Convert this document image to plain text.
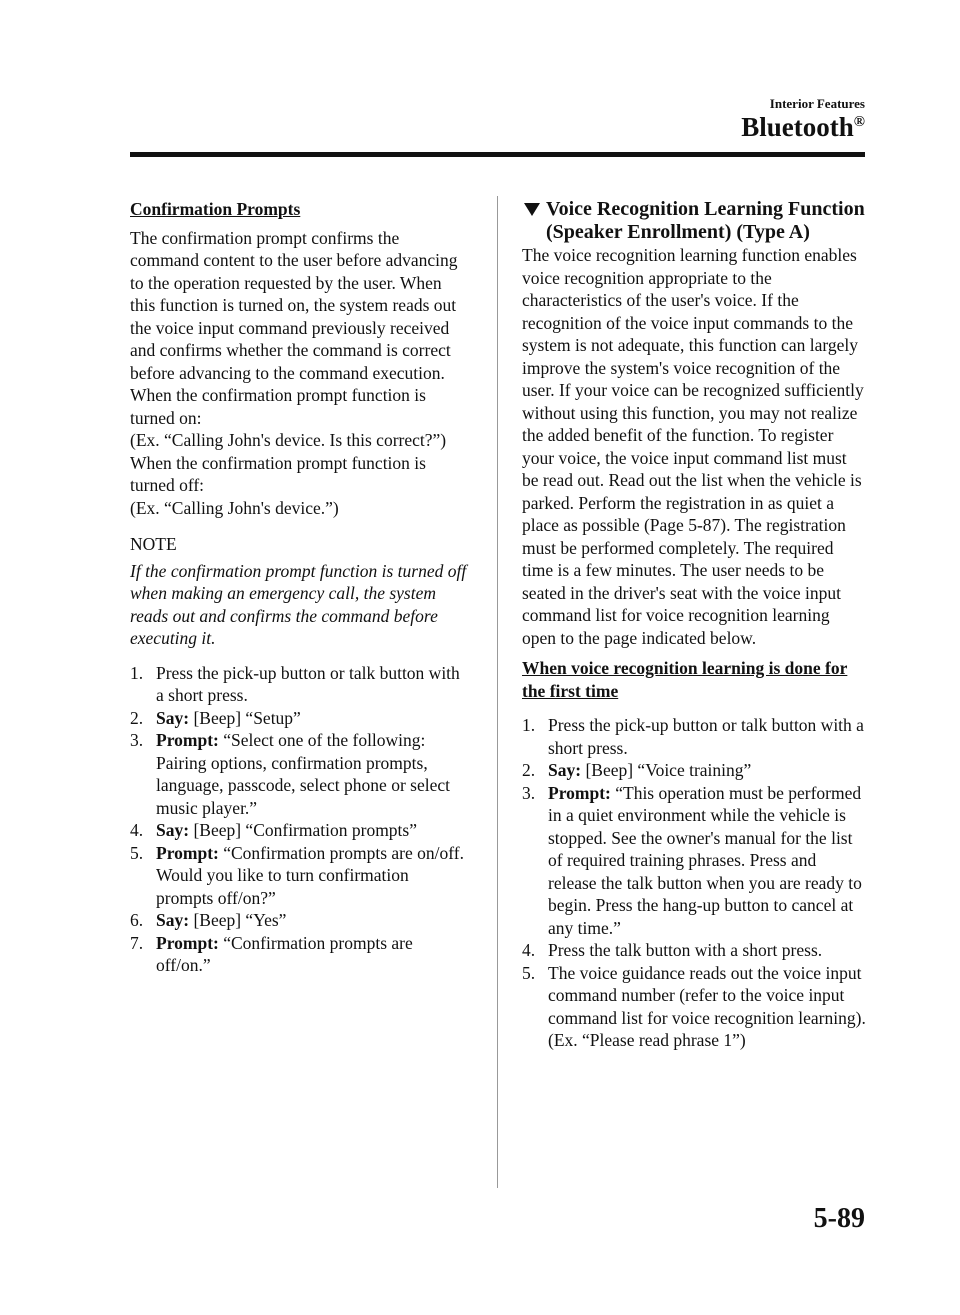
Interior Features
Bluetooth®

Confirmation Prompts

The confirmation prompt confirms the command content to the user before advancing to the operation requested by the user. When this function is turned on, the system reads out the voice input command previously received and confirms whether the command is correct before advancing to the command execution.

When the confirmation prompt function is turned on:

(Ex. “Calling John's device. Is this correct?”)

When the confirmation prompt function is turned off:

(Ex. “Calling John's device.”)

NOTE

If the confirmation prompt function is turned off when making an emergency call, the system reads out and confirms the command before executing it.

1. Press the pick-up button or talk button with a short press.
2. Say: [Beep] “Setup”
3. Prompt: “Select one of the following: Pairing options, confirmation prompts, language, passcode, select phone or select music player.”
4. Say: [Beep] “Confirmation prompts”
5. Prompt: “Confirmation prompts are on/off. Would you like to turn confirmation prompts off/on?”
6. Say: [Beep] “Yes”
7. Prompt: “Confirmation prompts are off/on.”

Voice Recognition Learning Function (Speaker Enrollment) (Type A)

The voice recognition learning function enables voice recognition appropriate to the characteristics of the user's voice. If the recognition of the voice input commands to the system is not adequate, this function can largely improve the system's voice recognition of the user. If your voice can be recognized sufficiently without using this function, you may not realize the added benefit of the function. To register your voice, the voice input command list must be read out. Read out the list when the vehicle is parked. Perform the registration in as quiet a place as possible (Page 5-87). The registration must be performed completely. The required time is a few minutes. The user needs to be seated in the driver's seat with the voice input command list for voice recognition learning open to the page indicated below.

When voice recognition learning is done for the first time

1. Press the pick-up button or talk button with a short press.
2. Say: [Beep] “Voice training”
3. Prompt: “This operation must be performed in a quiet environment while the vehicle is stopped. See the owner's manual for the list of required training phrases. Press and release the talk button when you are ready to begin. Press the hang-up button to cancel at any time.”
4. Press the talk button with a short press.
5. The voice guidance reads out the voice input command number (refer to the voice input command list for voice recognition learning). (Ex. “Please read phrase 1”)
5-89
